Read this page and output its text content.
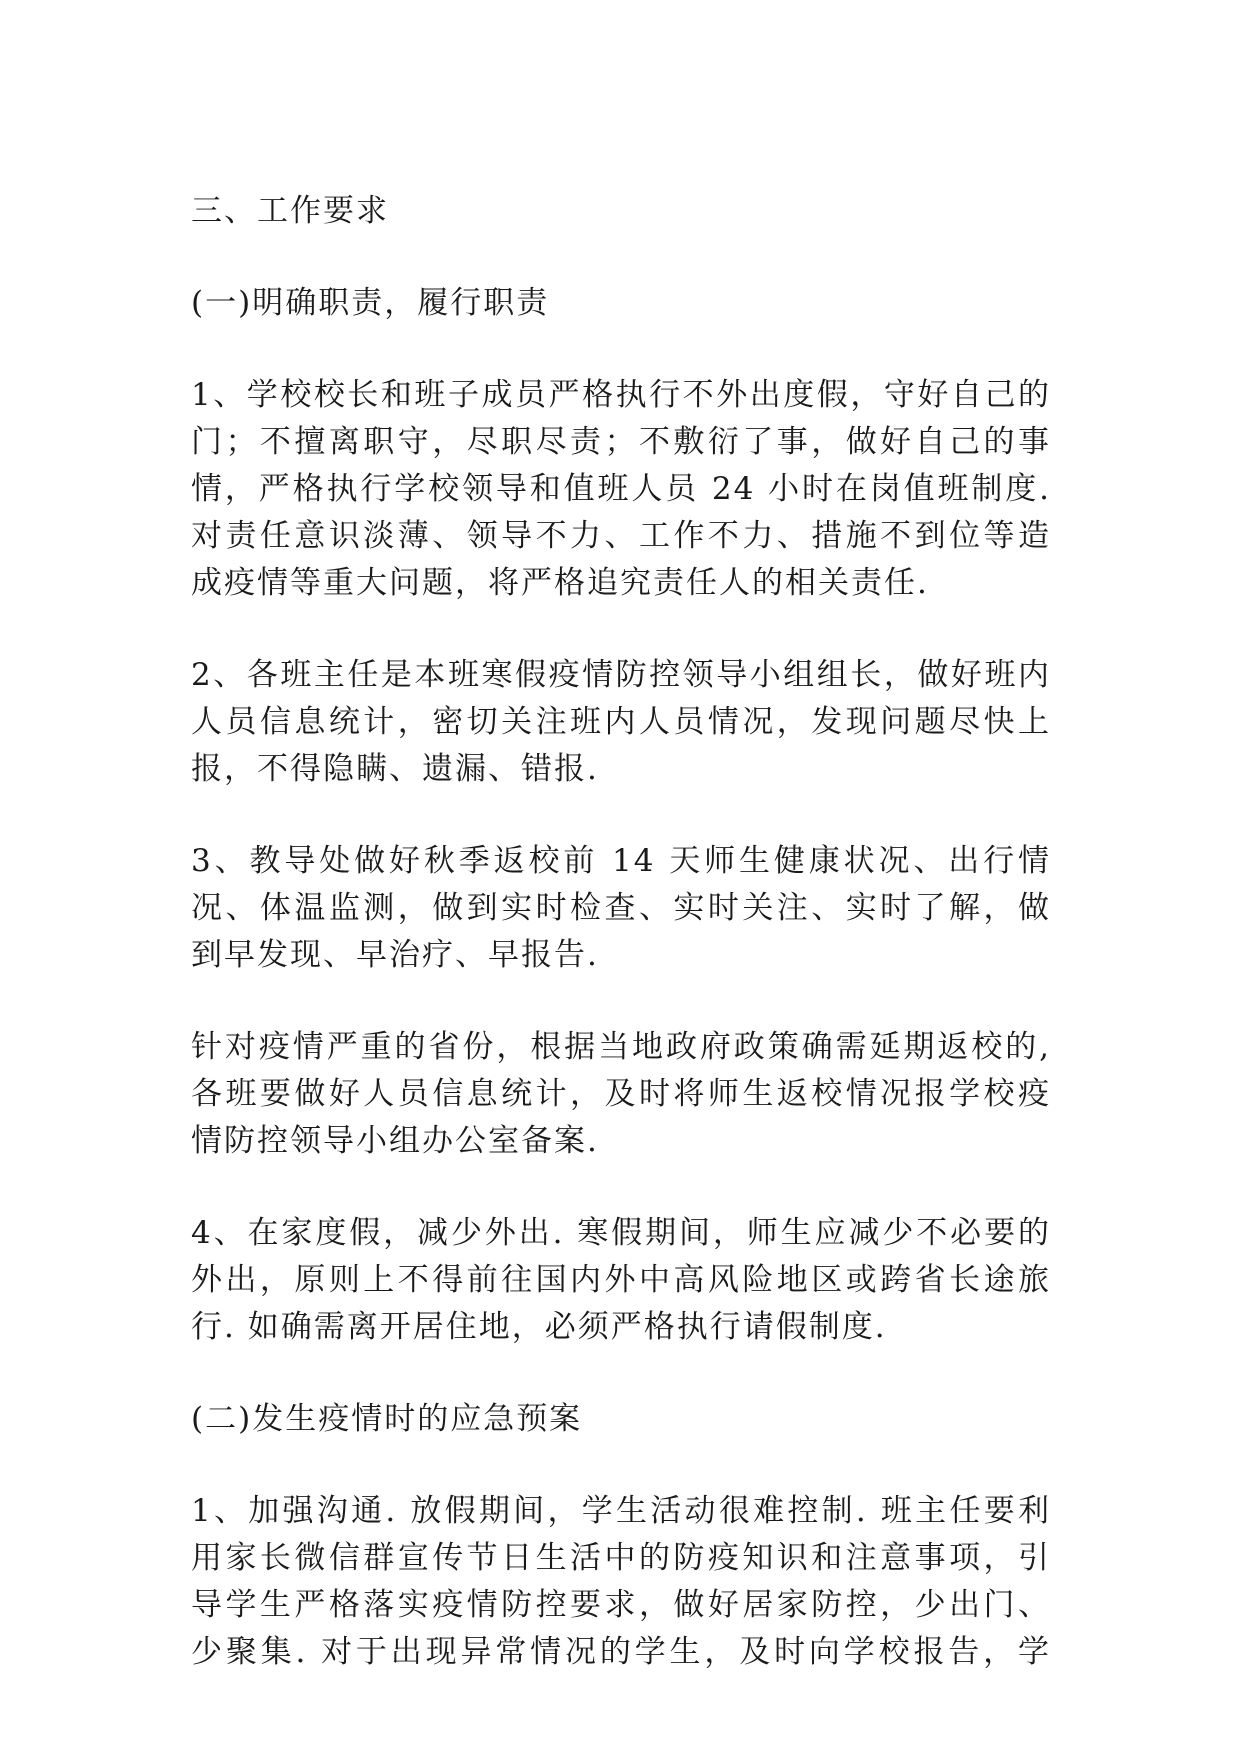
三、工作要求

(一)明确职责，履行职责

1、学校校长和班子成员严格执行不外出度假，守好自己的
门；不擅离职守，尽职尽责；不敷衍了事，做好自己的事
情，严格执行学校领导和值班人员 24 小时在岗值班制度.
对责任意识淡薄、领导不力、工作不力、措施不到位等造
成疫情等重大问题，将严格追究责任人的相关责任.

2、各班主任是本班寒假疫情防控领导小组组长，做好班内
人员信息统计，密切关注班内人员情况，发现问题尽快上
报，不得隐瞒、遗漏、错报.

3、教导处做好秋季返校前 14 天师生健康状况、出行情
况、体温监测，做到实时检查、实时关注、实时了解，做
到早发现、早治疗、早报告.

针对疫情严重的省份，根据当地政府政策确需延期返校的,
各班要做好人员信息统计，及时将师生返校情况报学校疫
情防控领导小组办公室备案.

4、在家度假，减少外出. 寒假期间，师生应减少不必要的
外出，原则上不得前往国内外中高风险地区或跨省长途旅
行. 如确需离开居住地，必须严格执行请假制度.

(二)发生疫情时的应急预案

1、加强沟通. 放假期间，学生活动很难控制. 班主任要利
用家长微信群宣传节日生活中的防疫知识和注意事项，引
导学生严格落实疫情防控要求，做好居家防控，少出门、
少聚集. 对于出现异常情况的学生，及时向学校报告，学
